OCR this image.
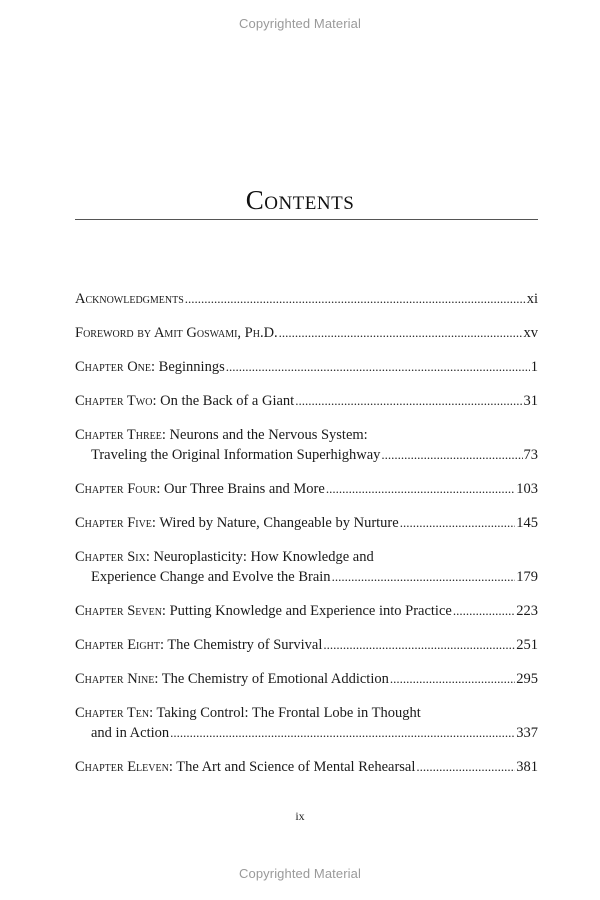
Copyrighted Material
Contents
Acknowledgments .....	xi
Foreword by Amit Goswami, Ph.D. .....	xv
Chapter One : Beginnings .....	1
Chapter Two : On the Back of a Giant .....	31
Chapter Three : Neurons and the Nervous System:
Traveling the Original Information Superhighway .....	73
Chapter Four : Our Three Brains and More .....	103
Chapter Five : Wired by Nature, Changeable by Nurture .....	145
Chapter Six : Neuroplasticity: How Knowledge and
Experience Change and Evolve the Brain .....	179
Chapter Seven : Putting Knowledge and Experience into Practice .....	223
Chapter Eight : The Chemistry of Survival .....	251
Chapter Nine : The Chemistry of Emotional Addiction .....	295
Chapter Ten : Taking Control: The Frontal Lobe in Thought
and in Action .....	337
Chapter Eleven : The Art and Science of Mental Rehearsal .....	381
ix
Copyrighted Material
